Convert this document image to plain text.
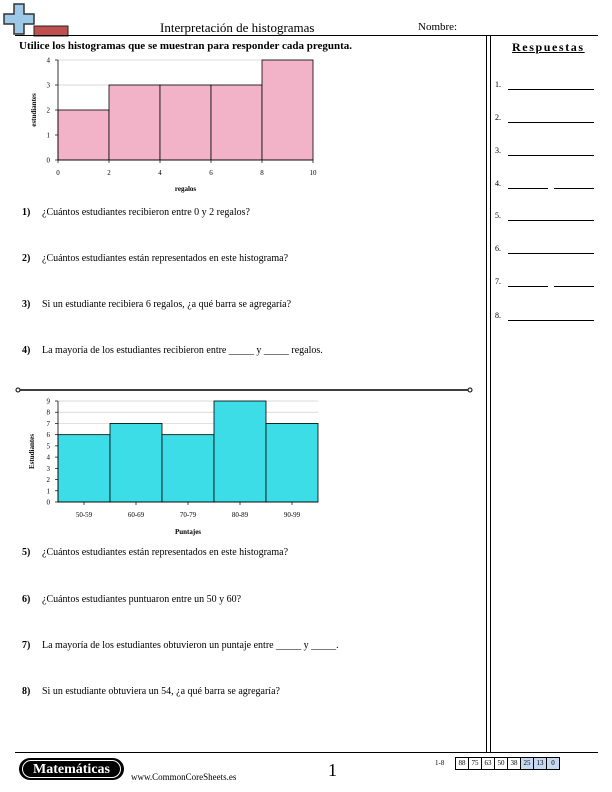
Interpretación de histogramas	Nombre:
Utilice los histogramas que se muestran para responder cada pregunta.	Respuestas
1.
2.
3.
4.
5.
6.
7.
8.
0
1
2
3
4
0	2	4	6	8	10
regalos
estudiantes
0
1
2
3
4
5
6
7
8
9
50-59	60-69	70-79	80-89	90-99
Puntajes
Estudiantes
1) ¿Cuántos estudiantes recibieron entre 0 y 2 regalos?
2) ¿Cuántos estudiantes están representados en este histograma?
3) Si un estudiante recibiera 6 regalos, ¿a qué barra se agregaría?
4) La mayoría de los estudiantes recibieron entre _____ y _____ regalos.
5) ¿Cuántos estudiantes están representados en este histograma?
6) ¿Cuántos estudiantes puntuaron entre un 50 y 60?
7) La mayoría de los estudiantes obtuvieron un puntaje entre _____ y _____.
8) Si un estudiante obtuviera un 54, ¿a qué barra se agregaría?
Matemáticas	www.CommonCoreSheets.es	1	1-8	88 75 63 50 38 25 13	0
